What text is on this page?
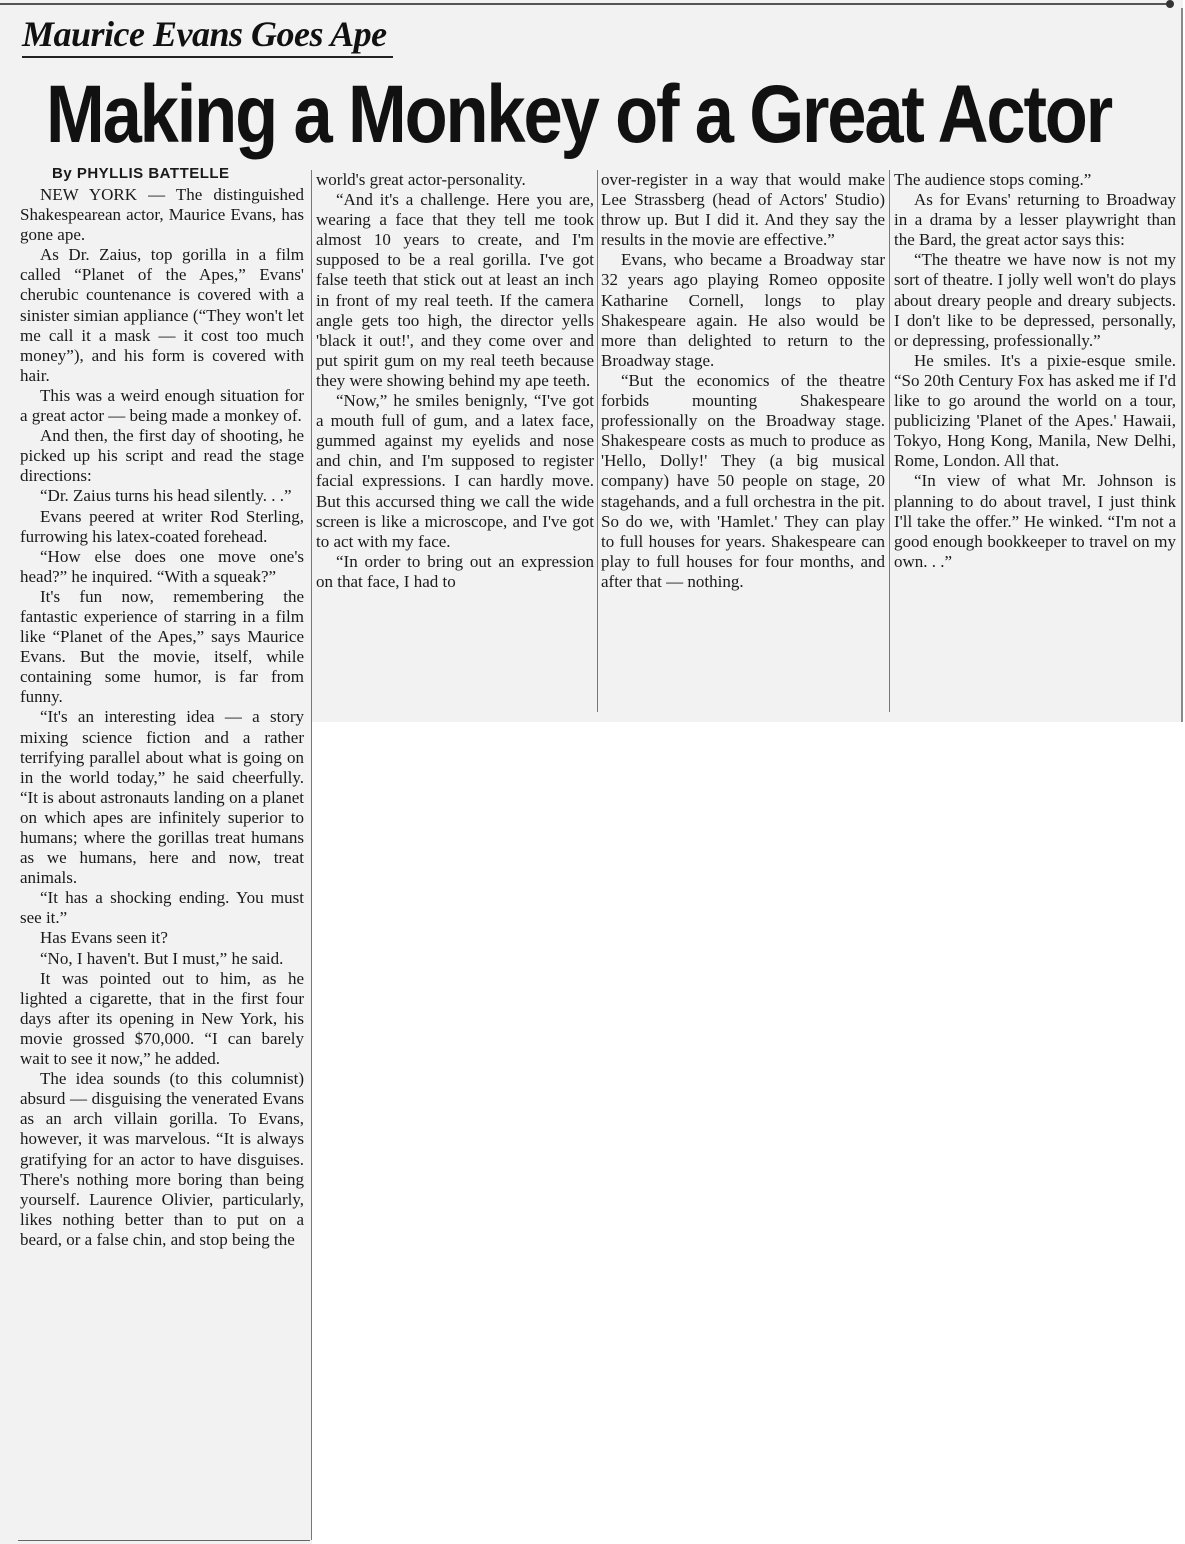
Maurice Evans Goes Ape
Making a Monkey of a Great Actor
By PHYLLIS BATTELLE

NEW YORK — The distinguished Shakespearean actor, Maurice Evans, has gone ape.

As Dr. Zaius, top gorilla in a film called “Planet of the Apes,” Evans' cherubic countenance is covered with a sinister simian appliance (“They won't let me call it a mask — it cost too much money”), and his form is covered with hair.

This was a weird enough situation for a great actor — being made a monkey of.

And then, the first day of shooting, he picked up his script and read the stage directions:

“Dr. Zaius turns his head silently. . .”

Evans peered at writer Rod Sterling, furrowing his latex-coated forehead.

“How else does one move one's head?” he inquired. “With a squeak?”

It's fun now, remembering the fantastic experience of starring in a film like “Planet of the Apes,” says Maurice Evans. But the movie, itself, while containing some humor, is far from funny.

“It's an interesting idea — a story mixing science fiction and a rather terrifying parallel about what is going on in the world today,” he said cheerfully. “It is about astronauts landing on a planet on which apes are infinitely superior to humans; where the gorillas treat humans as we humans, here and now, treat animals.

“It has a shocking ending. You must see it.”

Has Evans seen it?

“No, I haven't. But I must,” he said.

It was pointed out to him, as he lighted a cigarette, that in the first four days after its opening in New York, his movie grossed $70,000. “I can barely wait to see it now,” he added.

The idea sounds (to this columnist) absurd — disguising the venerated Evans as an arch villain gorilla. To Evans, however, it was marvelous. “It is always gratifying for an actor to have disguises. There's nothing more boring than being yourself. Laurence Olivier, particularly, likes nothing better than to put on a beard, or a false chin, and stop being the

world's great actor-personality.

“And it's a challenge. Here you are, wearing a face that they tell me took almost 10 years to create, and I'm supposed to be a real gorilla. I've got false teeth that stick out at least an inch in front of my real teeth. If the camera angle gets too high, the director yells 'black it out!', and they come over and put spirit gum on my real teeth because they were showing behind my ape teeth.

“Now,” he smiles benignly, “I've got a mouth full of gum, and a latex face, gummed against my eyelids and nose and chin, and I'm supposed to register facial expressions. I can hardly move. But this accursed thing we call the wide screen is like a microscope, and I've got to act with my face.

“In order to bring out an expression on that face, I had to

over-register in a way that would make Lee Strassberg (head of Actors' Studio) throw up. But I did it. And they say the results in the movie are effective.”

Evans, who became a Broadway star 32 years ago playing Romeo opposite Katharine Cornell, longs to play Shakespeare again. He also would be more than delighted to return to the Broadway stage.

“But the economics of the theatre forbids mounting Shakespeare professionally on the Broadway stage. Shakespeare costs as much to produce as 'Hello, Dolly!' They (a big musical company) have 50 people on stage, 20 stagehands, and a full orchestra in the pit. So do we, with 'Hamlet.' They can play to full houses for years. Shakespeare can play to full houses for four months, and after that — nothing.

The audience stops coming.”

As for Evans' returning to Broadway in a drama by a lesser playwright than the Bard, the great actor says this:

“The theatre we have now is not my sort of theatre. I jolly well won't do plays about dreary people and dreary subjects. I don't like to be depressed, personally, or depressing, professionally.”

He smiles. It's a pixie-esque smile. “So 20th Century Fox has asked me if I'd like to go around the world on a tour, publicizing 'Planet of the Apes.' Hawaii, Tokyo, Hong Kong, Manila, New Delhi, Rome, London. All that.

“In view of what Mr. Johnson is planning to do about travel, I just think I'll take the offer.” He winked. “I'm not a good enough bookkeeper to travel on my own. . .”
